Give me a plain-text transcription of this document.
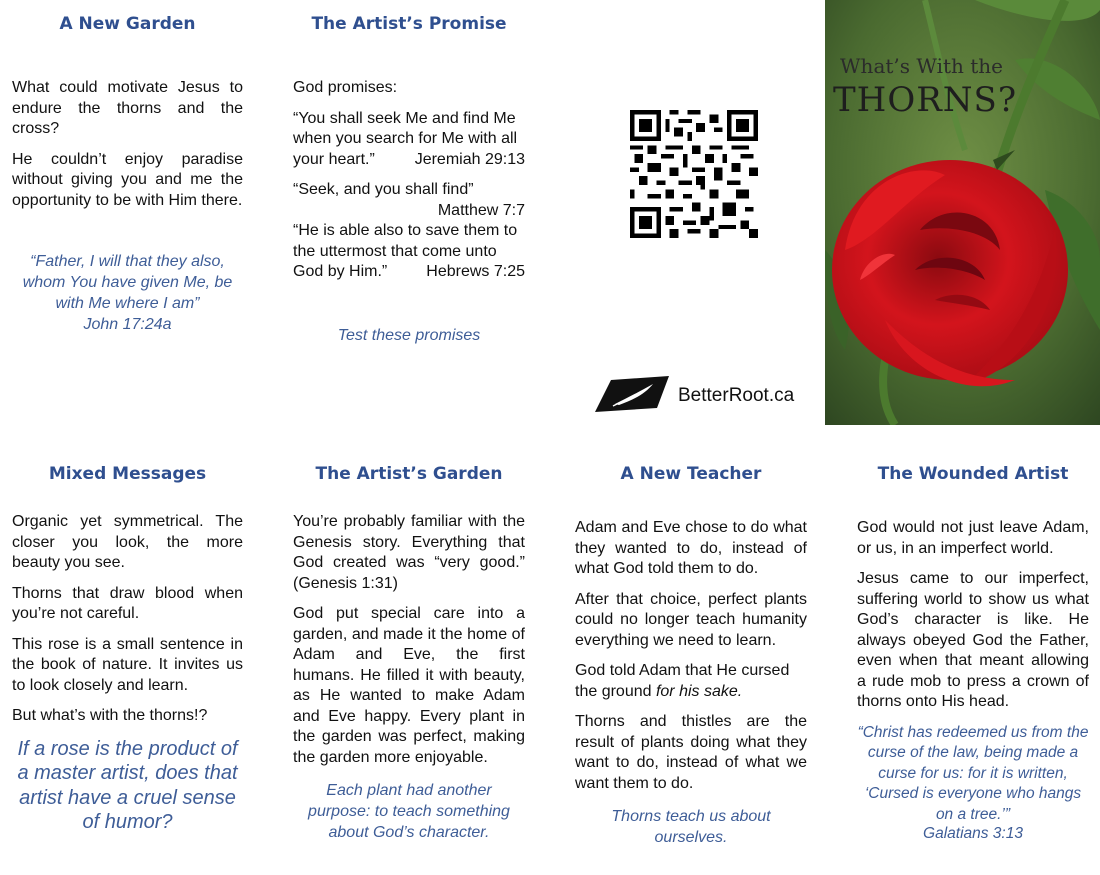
A New Garden

What could motivate Jesus to endure the thorns and the cross?

He couldn’t enjoy paradise without giving you and me the opportunity to be with Him there.

“Father, I will that they also, whom You have given Me, be with Me where I am”
John 17:24a
The Artist’s Promise

God promises:

“You shall seek Me and find Me when you search for Me with all your heart.” Jeremiah 29:13

“Seek, and you shall find”
Matthew 7:7

“He is able also to save them to the uttermost that come unto God by Him.” Hebrews 7:25

Test these promises
BetterRoot.ca
What’s With the
THORNS?
Mixed Messages

Organic yet symmetrical. The closer you look, the more beauty you see.

Thorns that draw blood when you’re not careful.

This rose is a small sentence in the book of nature. It invites us to look closely and learn.

But what’s with the thorns!?

If a rose is the product of a master artist, does that artist have a cruel sense of humor?
The Artist’s Garden

You’re probably familiar with the Genesis story. Everything that God created was “very good.” (Genesis 1:31)

God put special care into a garden, and made it the home of Adam and Eve, the first humans. He filled it with beauty, as He wanted to make Adam and Eve happy. Every plant in the garden was perfect, making the garden more enjoyable.

Each plant had another purpose: to teach something about God’s character.
A New Teacher

Adam and Eve chose to do what they wanted to do, instead of what God told them to do.

After that choice, perfect plants could no longer teach humanity everything we need to learn.

God told Adam that He cursed the ground for his sake.

Thorns and thistles are the result of plants doing what they want to do, instead of what we want them to do.

Thorns teach us about ourselves.
The Wounded Artist

God would not just leave Adam, or us, in an imperfect world.

Jesus came to our imperfect, suffering world to show us what God’s character is like. He always obeyed God the Father, even when that meant allowing a rude mob to press a crown of thorns onto His head.

“Christ has redeemed us from the curse of the law, being made a curse for us: for it is written, ‘Cursed is everyone who hangs on a tree.’”
Galatians 3:13
